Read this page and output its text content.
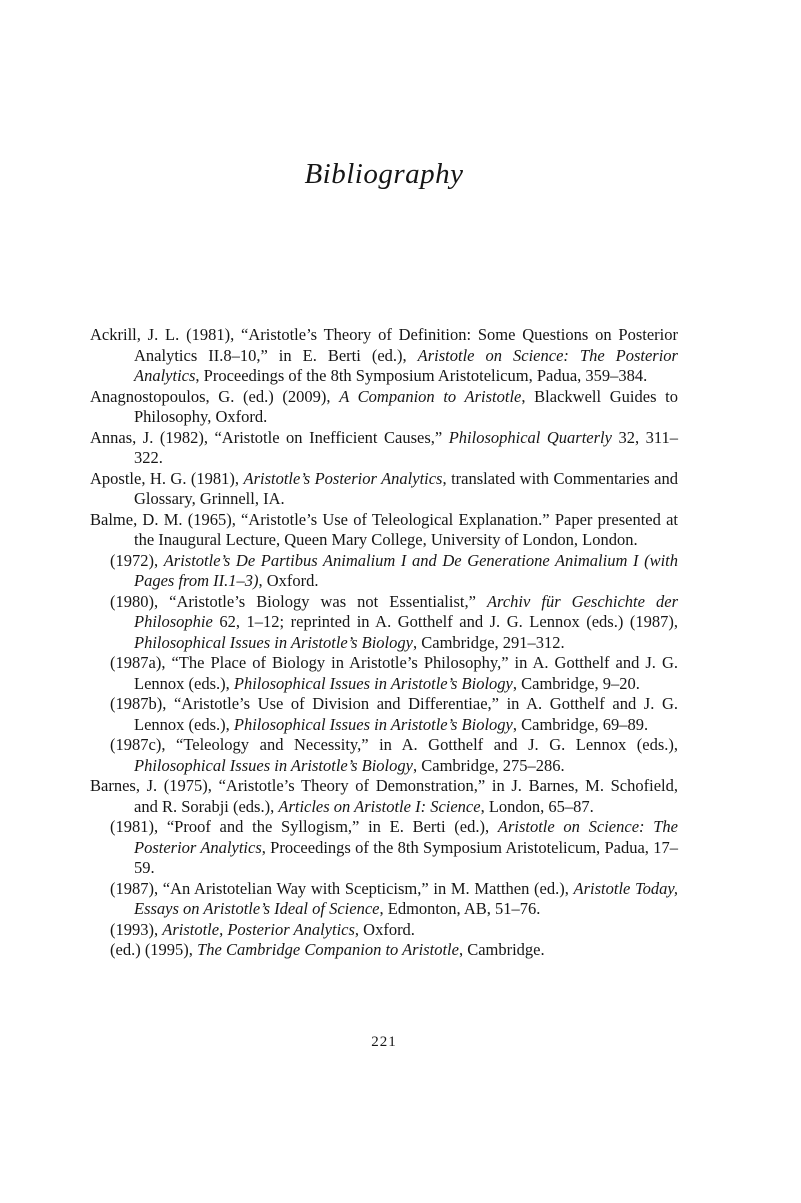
Bibliography

Ackrill, J. L. (1981), “Aristotle’s Theory of Definition: Some Questions on Posterior Analytics II.8–10,” in E. Berti (ed.), Aristotle on Science: The Posterior Analytics, Proceedings of the 8th Symposium Aristotelicum, Padua, 359–384.

Anagnostopoulos, G. (ed.) (2009), A Companion to Aristotle, Blackwell Guides to Philosophy, Oxford.

Annas, J. (1982), “Aristotle on Inefficient Causes,” Philosophical Quarterly 32, 311–322.

Apostle, H. G. (1981), Aristotle’s Posterior Analytics, translated with Commentaries and Glossary, Grinnell, IA.

Balme, D. M. (1965), “Aristotle’s Use of Teleological Explanation.” Paper presented at the Inaugural Lecture, Queen Mary College, University of London, London.

(1972), Aristotle’s De Partibus Animalium I and De Generatione Animalium I (with Pages from II.1–3), Oxford.

(1980), “Aristotle’s Biology was not Essentialist,” Archiv für Geschichte der Philosophie 62, 1–12; reprinted in A. Gotthelf and J. G. Lennox (eds.) (1987), Philosophical Issues in Aristotle’s Biology, Cambridge, 291–312.

(1987a), “The Place of Biology in Aristotle’s Philosophy,” in A. Gotthelf and J. G. Lennox (eds.), Philosophical Issues in Aristotle’s Biology, Cambridge, 9–20.

(1987b), “Aristotle’s Use of Division and Differentiae,” in A. Gotthelf and J. G. Lennox (eds.), Philosophical Issues in Aristotle’s Biology, Cambridge, 69–89.

(1987c), “Teleology and Necessity,” in A. Gotthelf and J. G. Lennox (eds.), Philosophical Issues in Aristotle’s Biology, Cambridge, 275–286.

Barnes, J. (1975), “Aristotle’s Theory of Demonstration,” in J. Barnes, M. Schofield, and R. Sorabji (eds.), Articles on Aristotle I: Science, London, 65–87.

(1981), “Proof and the Syllogism,” in E. Berti (ed.), Aristotle on Science: The Posterior Analytics, Proceedings of the 8th Symposium Aristotelicum, Padua, 17–59.

(1987), “An Aristotelian Way with Scepticism,” in M. Matthen (ed.), Aristotle Today, Essays on Aristotle’s Ideal of Science, Edmonton, AB, 51–76.

(1993), Aristotle, Posterior Analytics, Oxford.

(ed.) (1995), The Cambridge Companion to Aristotle, Cambridge.

221
